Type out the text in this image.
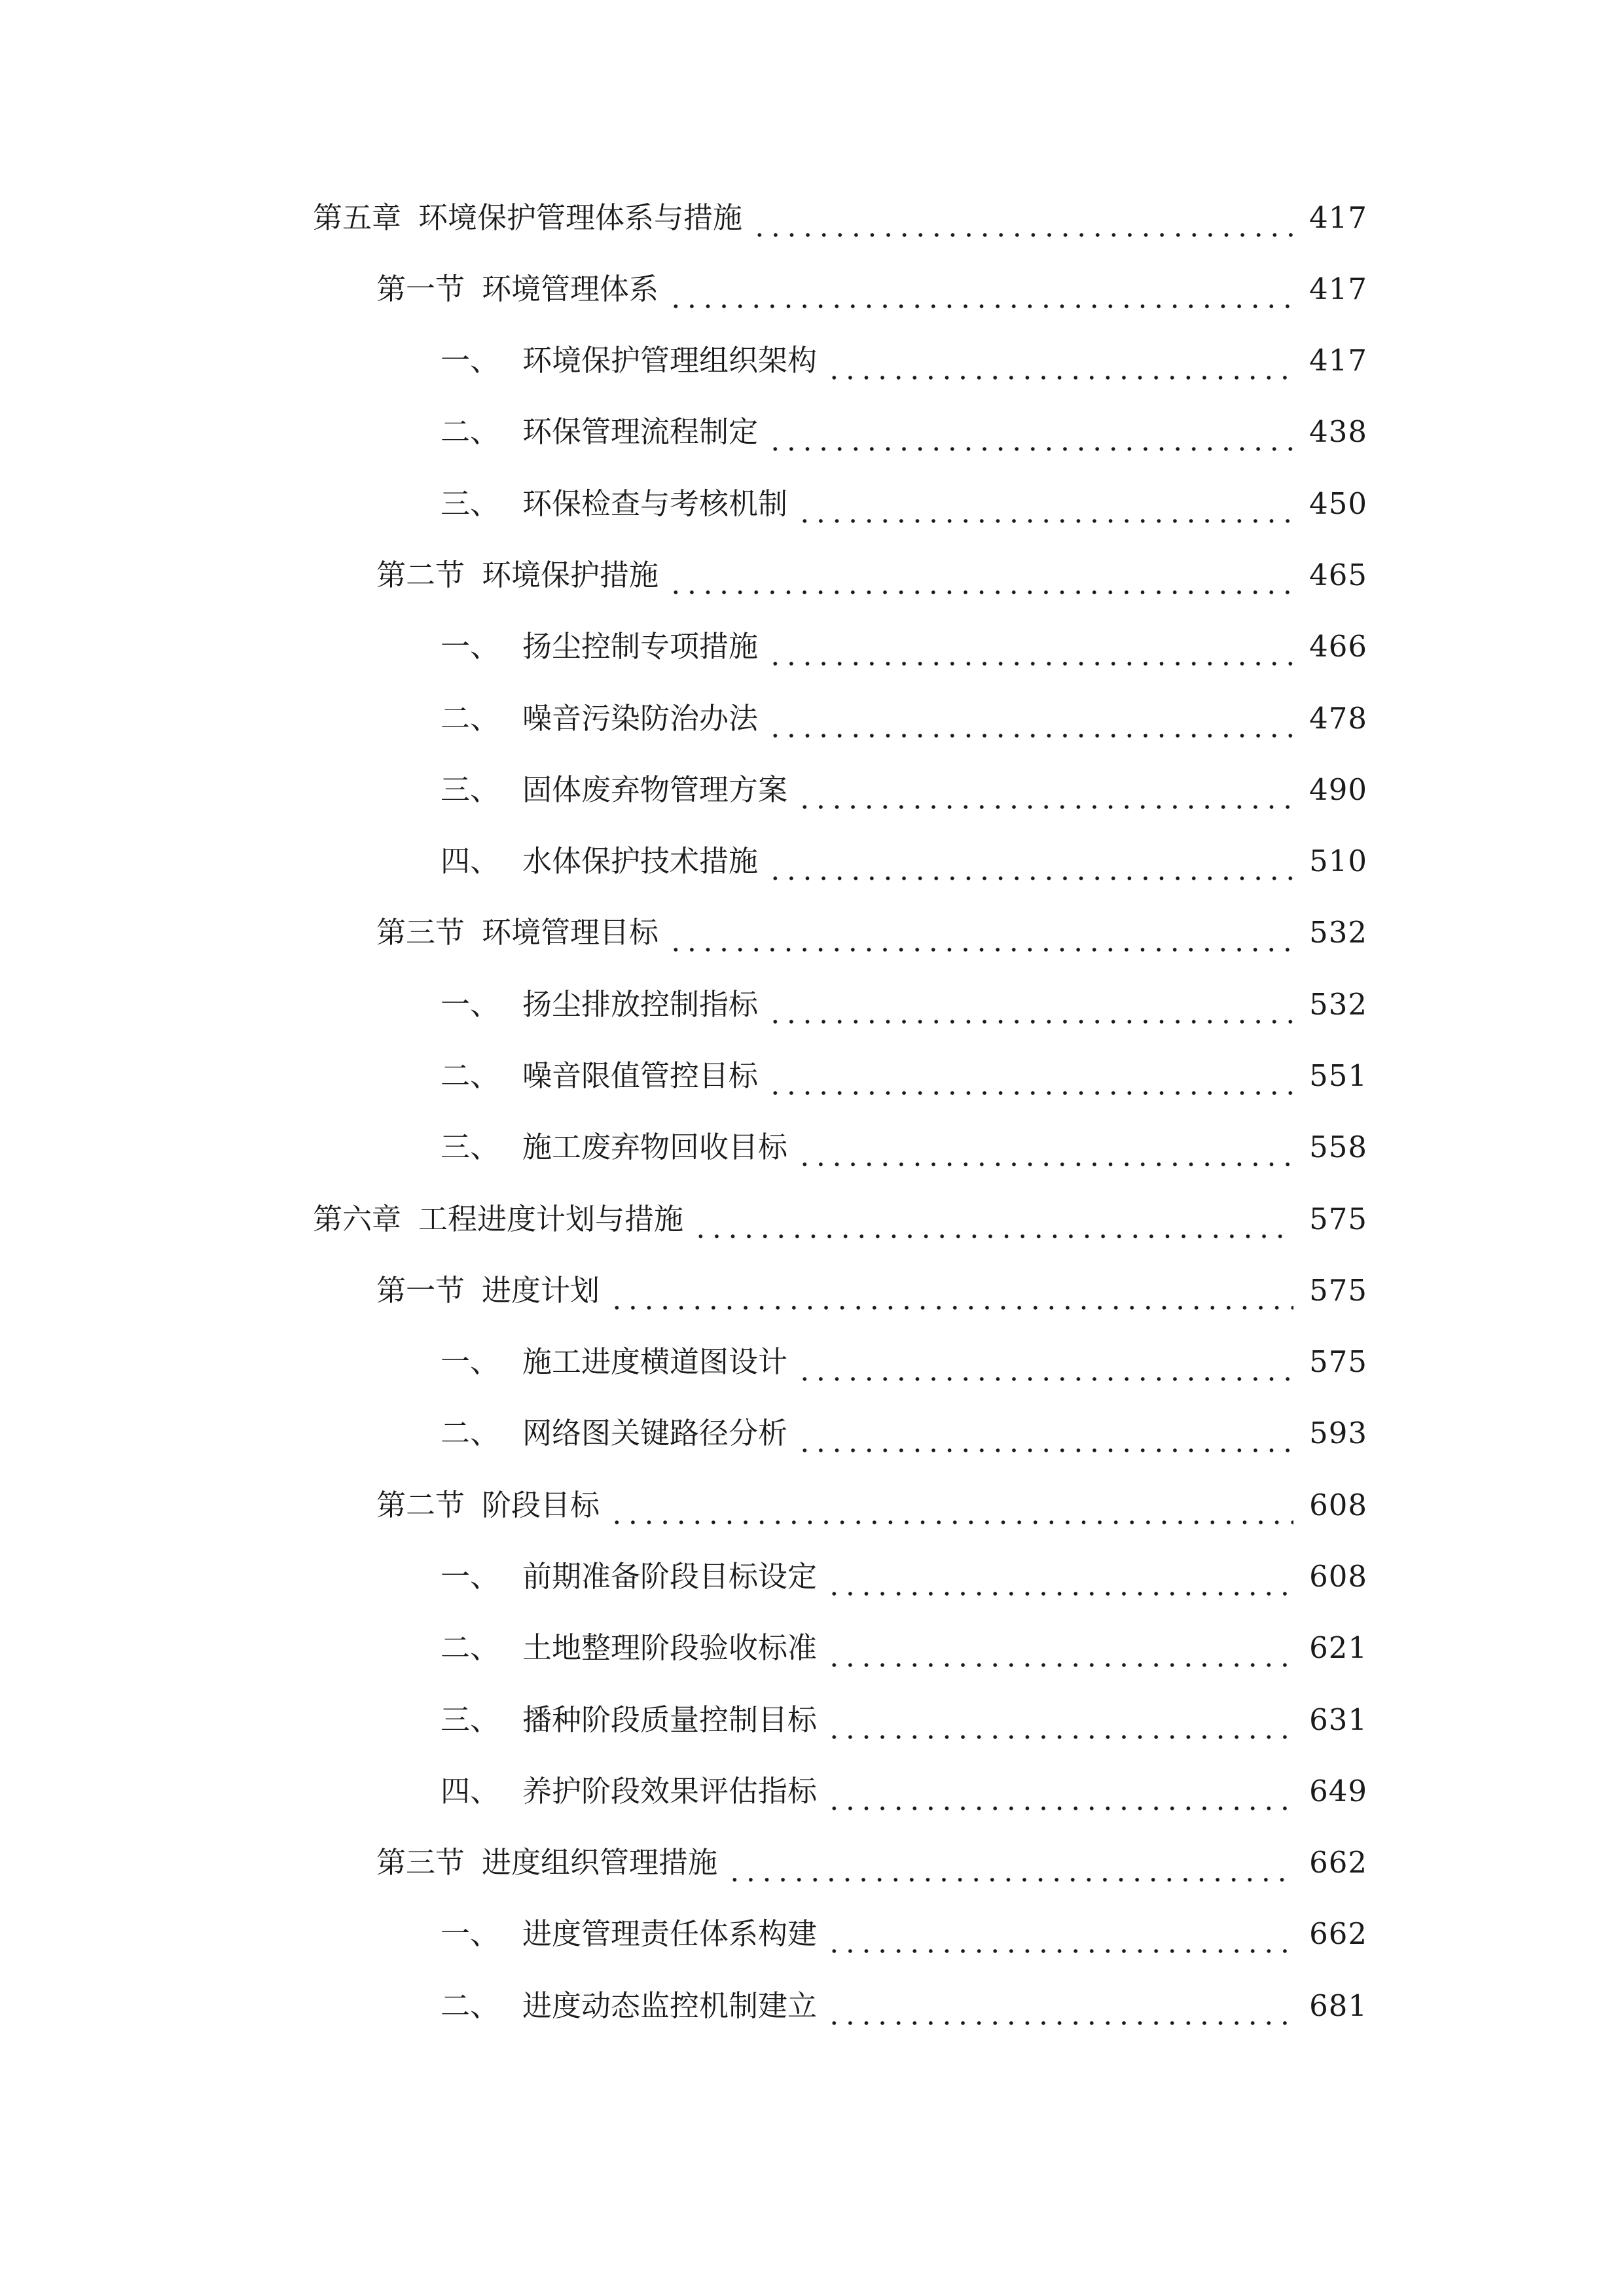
第五章 环境保护管理体系与措施	417
第一节 环境管理体系	417
一、 环境保护管理组织架构	417
二、 环保管理流程制定	438
三、 环保检查与考核机制	450
第二节 环境保护措施	465
一、 扬尘控制专项措施	466
二、 噪音污染防治办法	478
三、 固体废弃物管理方案	490
四、 水体保护技术措施	510
第三节 环境管理目标	532
一、 扬尘排放控制指标	532
二、 噪音限值管控目标	551
三、 施工废弃物回收目标	558
第六章 工程进度计划与措施	575
第一节 进度计划	575
一、 施工进度横道图设计	575
二、 网络图关键路径分析	593
第二节 阶段目标	608
一、 前期准备阶段目标设定	608
二、 土地整理阶段验收标准	621
三、 播种阶段质量控制目标	631
四、 养护阶段效果评估指标	649
第三节 进度组织管理措施	662
一、 进度管理责任体系构建	662
二、 进度动态监控机制建立	681
